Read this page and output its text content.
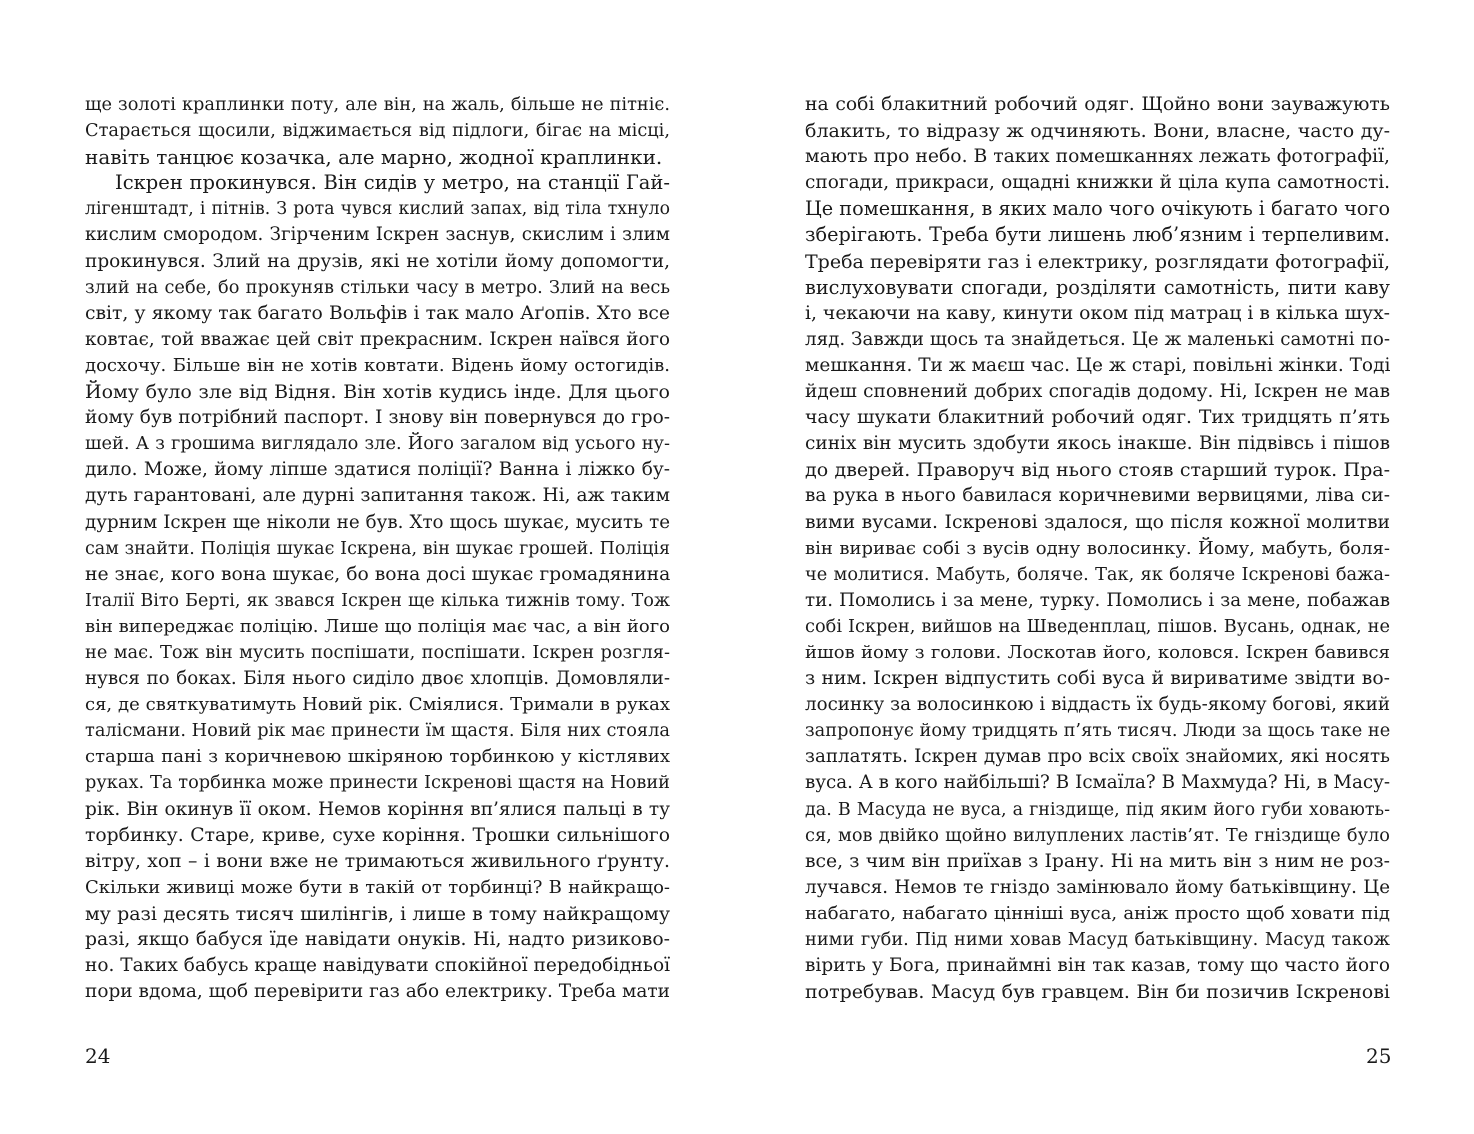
ще золоті краплинки поту, але він, на жаль, більше не пітніє.
Старається щосили, віджимається від підлоги, бігає на місці,
навіть танцює козачка, але марно, жодної краплинки.
Іскрен прокинувся. Він сидів у метро, на станції Гай-
лігенштадт, і пітнів. З рота чувся кислий запах, від тіла тхнуло
кислим смородом. Згірченим Іскрен заснув, скислим і злим
прокинувся. Злий на друзів, які не хотіли йому допомогти,
злий на себе, бо прокуняв стільки часу в метро. Злий на весь
світ, у якому так багато Вольфів і так мало Аґопів. Хто все
ковтає, той вважає цей світ прекрасним. Іскрен наївся його
досхочу. Більше він не хотів ковтати. Відень йому остогидів.
Йому було зле від Відня. Він хотів кудись інде. Для цього
йому був потрібний паспорт. І знову він повернувся до гро-
шей. А з грошима виглядало зле. Його загалом від усього ну-
дило. Може, йому ліпше здатися поліції? Ванна і ліжко бу-
дуть гарантовані, але дурні запитання також. Ні, аж таким
дурним Іскрен ще ніколи не був. Хто щось шукає, мусить те
сам знайти. Поліція шукає Іскрена, він шукає грошей. Поліція
не знає, кого вона шукає, бо вона досі шукає громадянина
Італії Віто Берті, як звався Іскрен ще кілька тижнів тому. Тож
він випереджає поліцію. Лише що поліція має час, а він його
не має. Тож він мусить поспішати, поспішати. Іскрен розгля-
нувся по боках. Біля нього сиділо двоє хлопців. Домовляли-
ся, де святкуватимуть Новий рік. Сміялися. Тримали в руках
талісмани. Новий рік має принести їм щастя. Біля них стояла
старша пані з коричневою шкіряною торбинкою у кістлявих
руках. Та торбинка може принести Іскренові щастя на Новий
рік. Він окинув її оком. Немов коріння вп’ялися пальці в ту
торбинку. Старе, криве, сухе коріння. Трошки сильнішого
вітру, хоп – і вони вже не тримаються живильного ґрунту.
Скільки живиці може бути в такій от торбинці? В найкращо-
му разі десять тисяч шилінгів, і лише в тому найкращому
разі, якщо бабуся їде навідати онуків. Ні, надто ризиково-
но. Таких бабусь краще навідувати спокійної передобідньої
пори вдома, щоб перевірити газ або електрику. Треба мати
на собі блакитний робочий одяг. Щойно вони зауважують
блакить, то відразу ж одчиняють. Вони, власне, часто ду-
мають про небо. В таких помешканнях лежать фотографії,
спогади, прикраси, ощадні книжки й ціла купа самотності.
Це помешкання, в яких мало чого очікують і багато чого
зберігають. Треба бути лишень люб’язним і терпеливим.
Треба перевіряти газ і електрику, розглядати фотографії,
вислуховувати спогади, розділяти самотність, пити каву
і, чекаючи на каву, кинути оком під матрац і в кілька шух-
ляд. Завжди щось та знайдеться. Це ж маленькі самотні по-
мешкання. Ти ж маєш час. Це ж старі, повільні жінки. Тоді
йдеш сповнений добрих спогадів додому. Ні, Іскрен не мав
часу шукати блакитний робочий одяг. Тих тридцять п’ять
синіх він мусить здобути якось інакше. Він підвівсь і пішов
до дверей. Праворуч від нього стояв старший турок. Пра-
ва рука в нього бавилася коричневими вервицями, ліва си-
вими вусами. Іскренові здалося, що після кожної молитви
він вириває собі з вусів одну волосинку. Йому, мабуть, боля-
че молитися. Мабуть, боляче. Так, як боляче Іскренові бажа-
ти. Помолись і за мене, турку. Помолись і за мене, побажав
собі Іскрен, вийшов на Шведенплац, пішов. Вусань, однак, не
йшов йому з голови. Лоскотав його, коловся. Іскрен бавився
з ним. Іскрен відпустить собі вуса й вириватиме звідти во-
лосинку за волосинкою і віддасть їх будь-якому богові, який
запропонує йому тридцять п’ять тисяч. Люди за щось таке не
заплатять. Іскрен думав про всіх своїх знайомих, які носять
вуса. А в кого найбільші? В Ісмаїла? В Махмуда? Ні, в Масу-
да. В Масуда не вуса, а гніздище, під яким його губи ховають-
ся, мов двійко щойно вилуплених ластів’ят. Те гніздище було
все, з чим він приїхав з Ірану. Ні на мить він з ним не роз-
лучався. Немов те гніздо замінювало йому батьківщину. Це
набагато, набагато цінніші вуса, аніж просто щоб ховати під
ними губи. Під ними ховав Масуд батьківщину. Масуд також
вірить у Бога, принаймні він так казав, тому що часто його
потребував. Масуд був гравцем. Він би позичив Іскренові
24	25
